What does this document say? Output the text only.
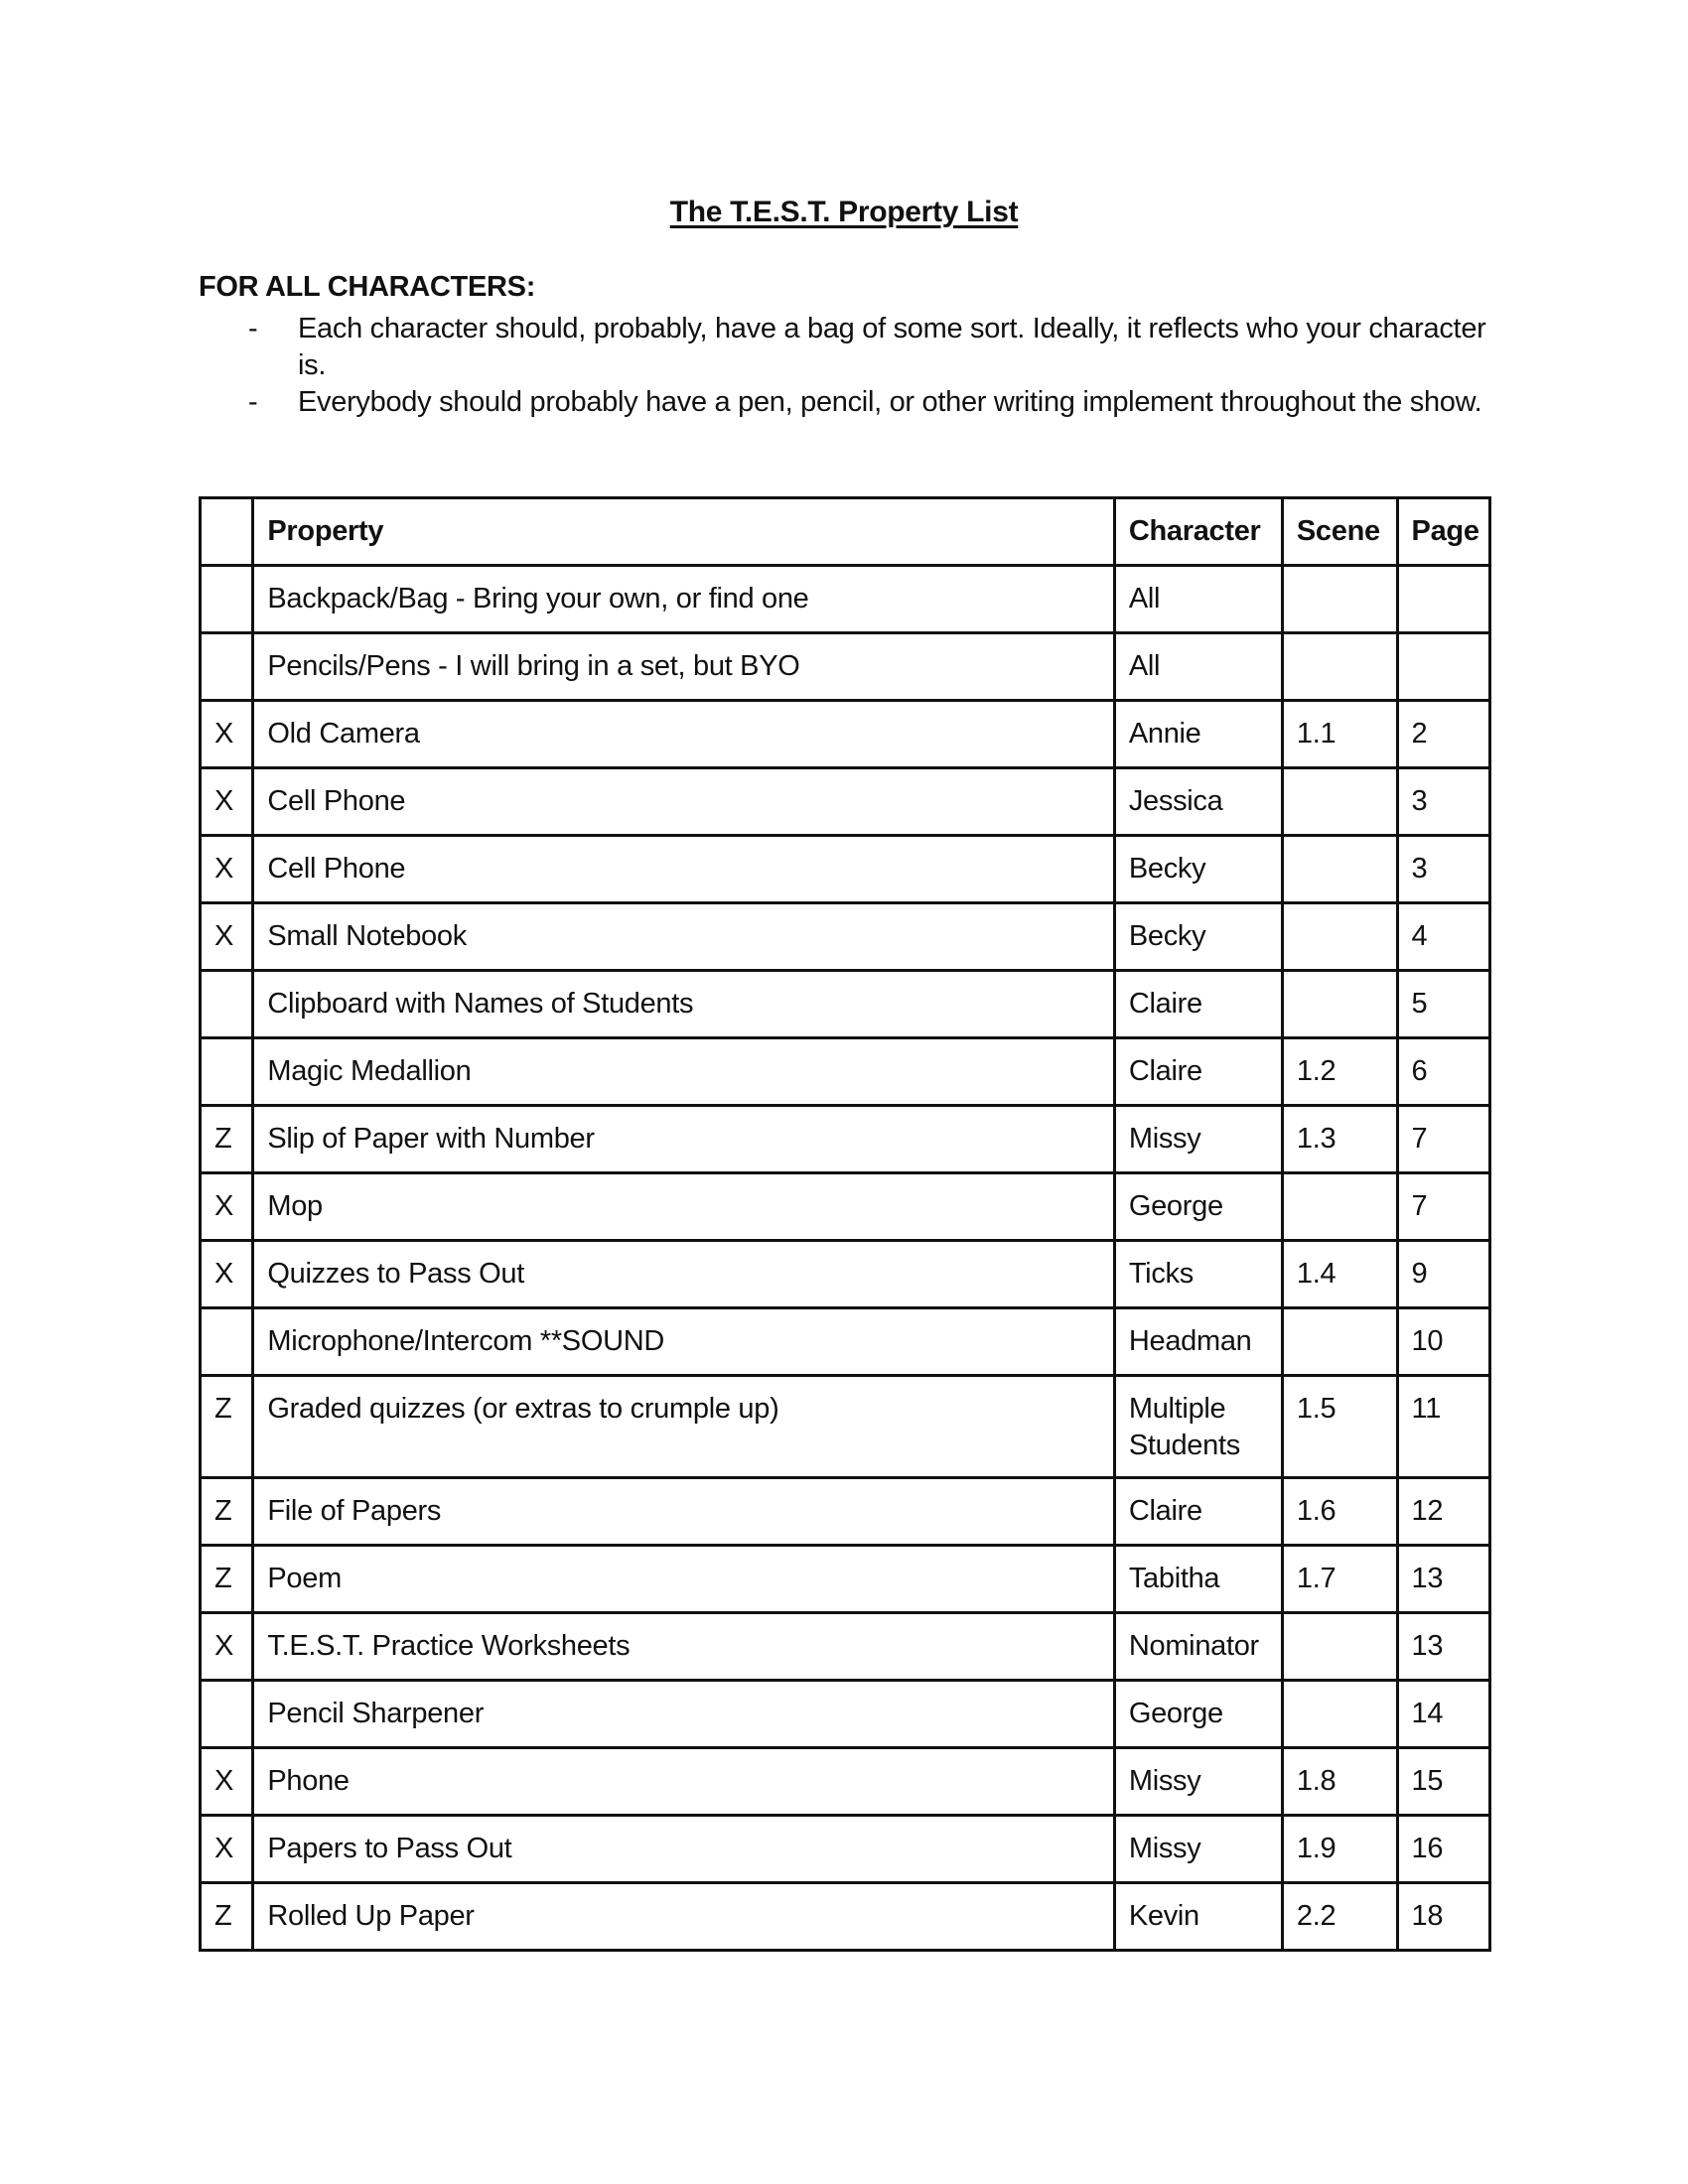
The T.E.S.T. Property List
FOR ALL CHARACTERS:
- Each character should, probably, have a bag of some sort. Ideally, it reflects who your character is.
- Everybody should probably have a pen, pencil, or other writing implement throughout the show.
	Property	Character	Scene	Page
	Backpack/Bag - Bring your own, or find one	All		
	Pencils/Pens - I will bring in a set, but BYO	All		
X	Old Camera	Annie	1.1	2
X	Cell Phone	Jessica		3
X	Cell Phone	Becky		3
X	Small Notebook	Becky		4
	Clipboard with Names of Students	Claire		5
	Magic Medallion	Claire	1.2	6
Z	Slip of Paper with Number	Missy	1.3	7
X	Mop	George		7
X	Quizzes to Pass Out	Ticks	1.4	9
	Microphone/Intercom **SOUND	Headman		10
Z	Graded quizzes (or extras to crumple up)	Multiple Students	1.5	11
Z	File of Papers	Claire	1.6	12
Z	Poem	Tabitha	1.7	13
X	T.E.S.T. Practice Worksheets	Nominator		13
	Pencil Sharpener	George		14
X	Phone	Missy	1.8	15
X	Papers to Pass Out	Missy	1.9	16
Z	Rolled Up Paper	Kevin	2.2	18
